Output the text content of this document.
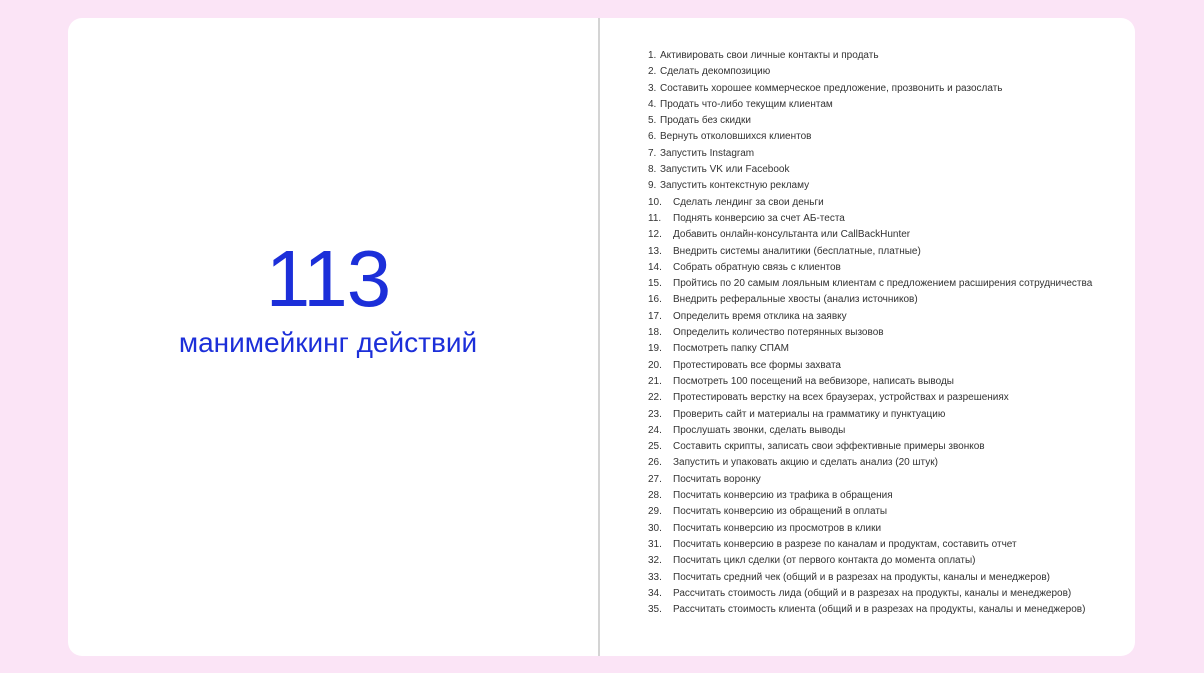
113
манимейкинг действий
1. Активировать свои личные контакты и продать
2. Сделать декомпозицию
3. Составить хорошее коммерческое предложение, прозвонить и разослать
4. Продать что-либо текущим клиентам
5. Продать без скидки
6. Вернуть отколовшихся клиентов
7. Запустить Instagram
8. Запустить VK или Facebook
9. Запустить контекстную рекламу
10.	Сделать лендинг за свои деньги
11.	Поднять конверсию за счет АБ-теста
12.	Добавить онлайн-консультанта или CallBackHunter
13.	Внедрить системы аналитики (бесплатные, платные)
14.	Собрать обратную связь с клиентов
15.	Пройтись по 20 самым лояльным клиентам с предложением расширения сотрудничества
16.	Внедрить реферальные хвосты (анализ источников)
17.	Определить время отклика на заявку
18.	Определить количество потерянных вызовов
19.	Посмотреть папку СПАМ
20.	Протестировать все формы захвата
21.	Посмотреть 100 посещений на вебвизоре, написать выводы
22.	Протестировать верстку на всех браузерах, устройствах и разрешениях
23.	Проверить сайт и материалы на грамматику и пунктуацию
24.	Прослушать звонки, сделать выводы
25.	Составить скрипты, записать свои эффективные примеры звонков
26.	Запустить и упаковать акцию и сделать анализ (20 штук)
27.	Посчитать воронку
28.	Посчитать конверсию из трафика в обращения
29.	Посчитать конверсию из обращений в оплаты
30.	Посчитать конверсию из просмотров в клики
31.	Посчитать конверсию в разрезе по каналам и продуктам, составить отчет
32.	Посчитать цикл сделки (от первого контакта до момента оплаты)
33.	Посчитать средний чек (общий и в разрезах на продукты, каналы и менеджеров)
34.	Рассчитать стоимость лида (общий и в разрезах на продукты, каналы и менеджеров)
35.	Рассчитать стоимость клиента (общий и в разрезах на продукты, каналы и менеджеров)
